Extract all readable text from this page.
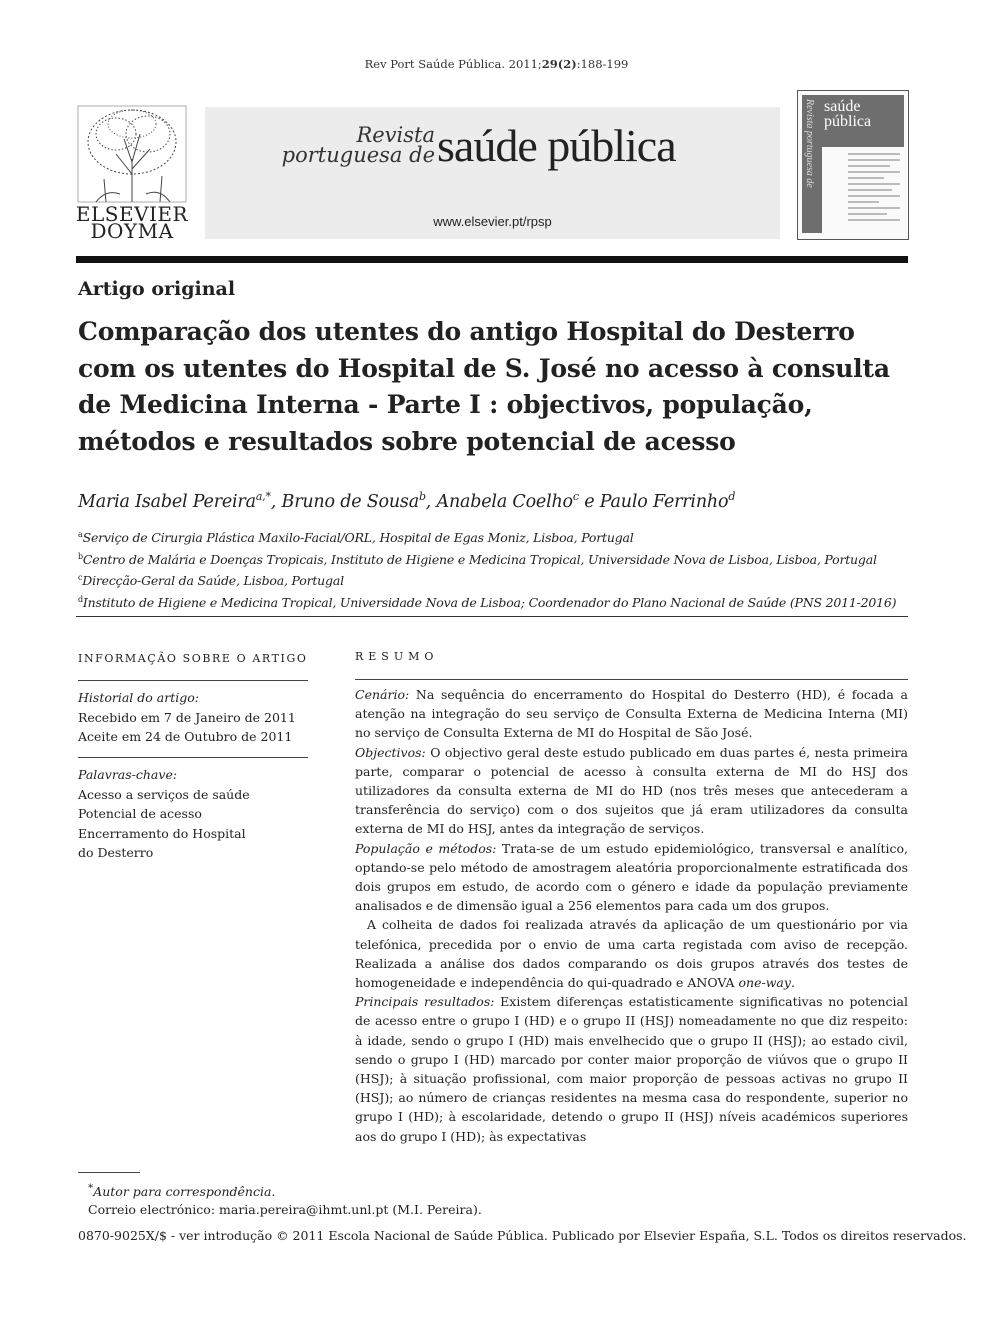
Rev Port Saúde Pública. 2011;29(2):188-199
ELSEVIER
DOYMA
Revista
portuguesa de saúde pública
www.elsevier.pt/rpsp
Revista portuguesa de saúde
pública
Artigo original
Comparação dos utentes do antigo Hospital do Desterro com os utentes do Hospital de S. José no acesso à consulta de Medicina Interna - Parte I : objectivos, população, métodos e resultados sobre potencial de acesso
Maria Isabel Pereira$^{a,*}$, Bruno de Sousa$^b$, Anabela Coelho$^c$ e Paulo Ferrinho$^d$
$^a$Serviço de Cirurgia Plástica Maxilo-Facial/ORL, Hospital de Egas Moniz, Lisboa, Portugal
$^b$Centro de Malária e Doenças Tropicais, Instituto de Higiene e Medicina Tropical, Universidade Nova de Lisboa, Lisboa, Portugal
$^c$Direcção-Geral da Saúde, Lisboa, Portugal
$^d$Instituto de Higiene e Medicina Tropical, Universidade Nova de Lisboa; Coordenador do Plano Nacional de Saúde (PNS 2011-2016)
INFORMAÇÃO SOBRE O ARTIGO
Historial do artigo:
Recebido em 7 de Janeiro de 2011
Aceite em 24 de Outubro de 2011
Palavras-chave:
Acesso a serviços de saúde
Potencial de acesso
Encerramento do Hospital
do Desterro
RESUMO

Cenário: Na sequência do encerramento do Hospital do Desterro (HD), é focada a atenção na integração do seu serviço de Consulta Externa de Medicina Interna (MI) no serviço de Consulta Externa de MI do Hospital de São José.

Objectivos: O objectivo geral deste estudo publicado em duas partes é, nesta primeira parte, comparar o potencial de acesso à consulta externa de MI do HSJ dos utilizadores da consulta externa de MI do HD (nos três meses que antecederam a transferência do serviço) com o dos sujeitos que já eram utilizadores da consulta externa de MI do HSJ, antes da integração de serviços.

População e métodos: Trata-se de um estudo epidemiológico, transversal e analítico, optando-se pelo método de amostragem aleatória proporcionalmente estratificada dos dois grupos em estudo, de acordo com o género e idade da população previamente analisados e de dimensão igual a 256 elementos para cada um dos grupos.

A colheita de dados foi realizada através da aplicação de um questionário por via telefónica, precedida por o envio de uma carta registada com aviso de recepção. Realizada a análise dos dados comparando os dois grupos através dos testes de homogeneidade e independência do qui-quadrado e ANOVA one-way.

Principais resultados: Existem diferenças estatisticamente significativas no potencial de acesso entre o grupo I (HD) e o grupo II (HSJ) nomeadamente no que diz respeito: à idade, sendo o grupo I (HD) mais envelhecido que o grupo II (HSJ); ao estado civil, sendo o grupo I (HD) marcado por conter maior proporção de viúvos que o grupo II (HSJ); à situação profissional, com maior proporção de pessoas activas no grupo II (HSJ); ao número de crianças residentes na mesma casa do respondente, superior no grupo I (HD); à escolaridade, detendo o grupo II (HSJ) níveis académicos superiores aos do grupo I (HD); às expectativas

*Autor para correspondência.
Correio electrónico: maria.pereira@ihmt.unl.pt (M.I. Pereira).
0870-9025X/$ - ver introdução © 2011 Escola Nacional de Saúde Pública. Publicado por Elsevier España, S.L. Todos os direitos reservados.
